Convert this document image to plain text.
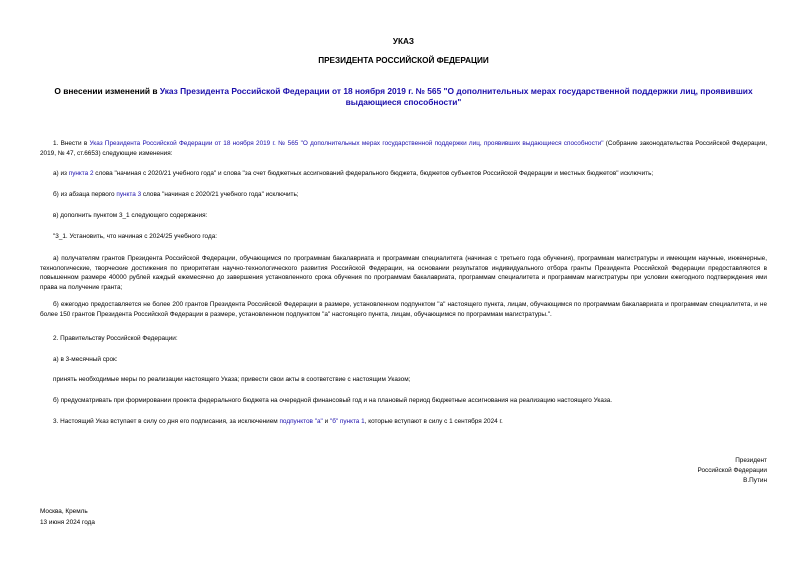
УКАЗ
ПРЕЗИДЕНТА РОССИЙСКОЙ ФЕДЕРАЦИИ
О внесении изменений в Указ Президента Российской Федерации от 18 ноября 2019 г. № 565 "О дополнительных мерах государственной поддержки лиц, проявивших выдающиеся способности"
1. Внести в Указ Президента Российской Федерации от 18 ноября 2019 г. № 565 "О дополнительных мерах государственной поддержки лиц, проявивших выдающиеся способности" (Собрание законодательства Российской Федерации, 2019, № 47, ст.6653) следующие изменения:
а) из пункта 2 слова "начиная с 2020/21 учебного года" и слова "за счет бюджетных ассигнований федерального бюджета, бюджетов субъектов Российской Федерации и местных бюджетов" исключить;
б) из абзаца первого пункта 3 слова "начиная с 2020/21 учебного года" исключить;
в) дополнить пунктом 3_1 следующего содержания:
"3_1. Установить, что начиная с 2024/25 учебного года:
а) получателям грантов Президента Российской Федерации, обучающимся по программам бакалавриата и программам специалитета (начиная с третьего года обучения), программам магистратуры и имеющим научные, инженерные, технологические, творческие достижения по приоритетам научно-технологического развития Российской Федерации, на основании результатов индивидуального отбора гранты Президента Российской Федерации предоставляются в повышенном размере 40000 рублей каждый ежемесячно до завершения установленного срока обучения по программам бакалавриата, программам специалитета и программам магистратуры при условии ежегодного подтверждения ими права на получение гранта;
б) ежегодно предоставляется не более 200 грантов Президента Российской Федерации в размере, установленном подпунктом "а" настоящего пункта, лицам, обучающимся по программам бакалавриата и программам специалитета, и не более 150 грантов Президента Российской Федерации в размере, установленном подпунктом "а" настоящего пункта, лицам, обучающимся по программам магистратуры.".
2. Правительству Российской Федерации:
а) в 3-месячный срок:
принять необходимые меры по реализации настоящего Указа; привести свои акты в соответствие с настоящим Указом;
б) предусматривать при формировании проекта федерального бюджета на очередной финансовый год и на плановый период бюджетные ассигнования на реализацию настоящего Указа.
3. Настоящий Указ вступает в силу со дня его подписания, за исключением подпунктов "а" и "б" пункта 1, которые вступают в силу с 1 сентября 2024 г.
Президент
Российской Федерации
В.Путин
Москва, Кремль
13 июня 2024 года
